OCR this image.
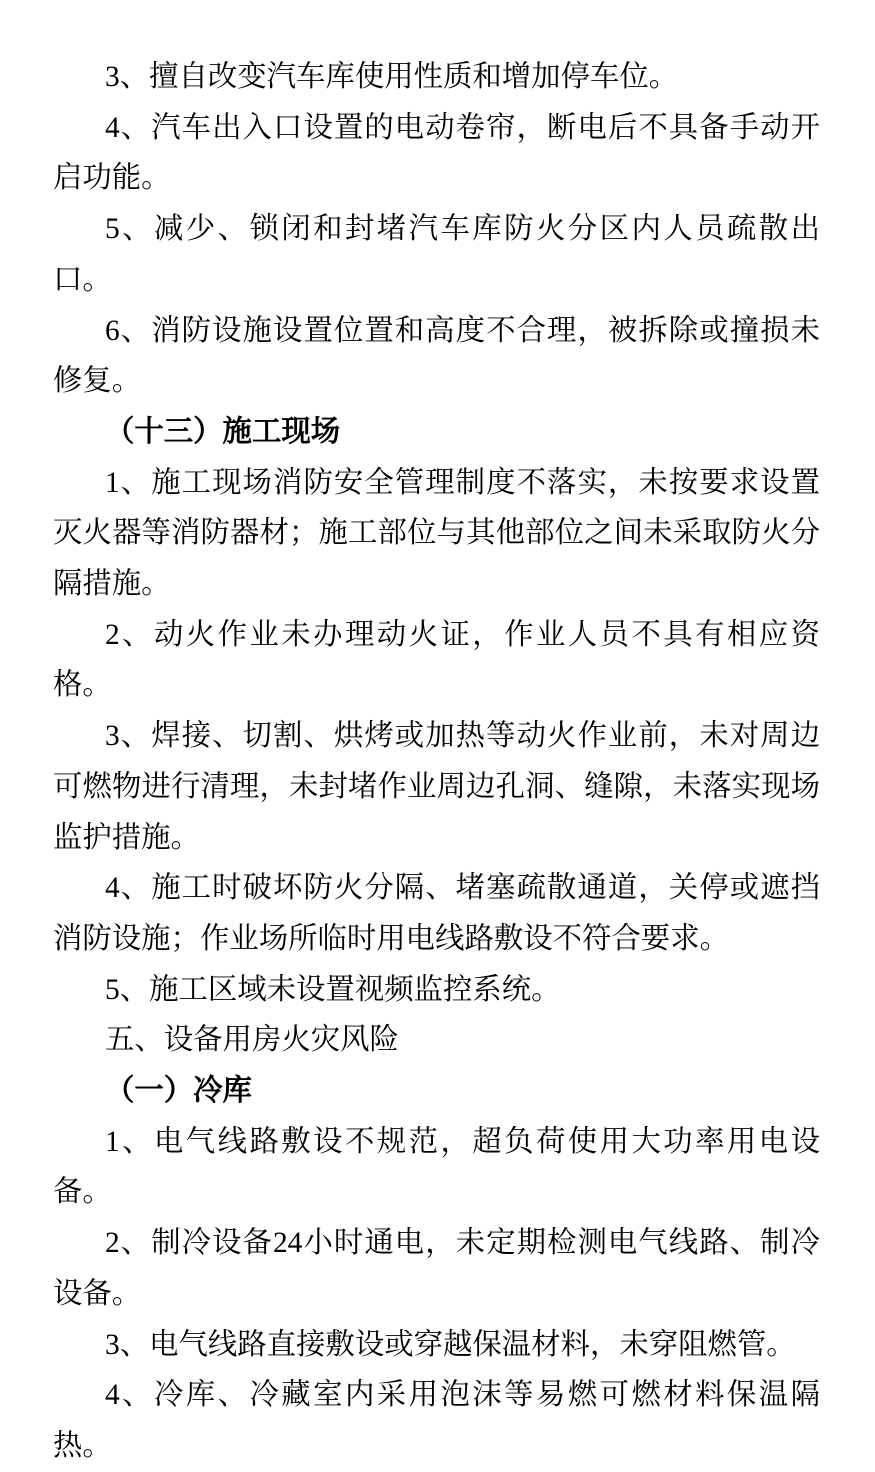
3、擅自改变汽车库使用性质和增加停车位。
4、汽车出入口设置的电动卷帘，断电后不具备手动开
启功能。
5、减少、锁闭和封堵汽车库防火分区内人员疏散出口。
6、消防设施设置位置和高度不合理，被拆除或撞损未
修复。
（十三）施工现场
1、施工现场消防安全管理制度不落实，未按要求设置
灭火器等消防器材；施工部位与其他部位之间未采取防火分
隔措施。
2、动火作业未办理动火证，作业人员不具有相应资格。
3、焊接、切割、烘烤或加热等动火作业前，未对周边
可燃物进行清理，未封堵作业周边孔洞、缝隙，未落实现场
监护措施。
4、施工时破坏防火分隔、堵塞疏散通道，关停或遮挡
消防设施；作业场所临时用电线路敷设不符合要求。
5、施工区域未设置视频监控系统。
五、设备用房火灾风险
（一）冷库
1、电气线路敷设不规范，超负荷使用大功率用电设备。
2、制冷设备24小时通电，未定期检测电气线路、制冷
设备。
3、电气线路直接敷设或穿越保温材料，未穿阻燃管。
4、冷库、冷藏室内采用泡沫等易燃可燃材料保温隔热。
